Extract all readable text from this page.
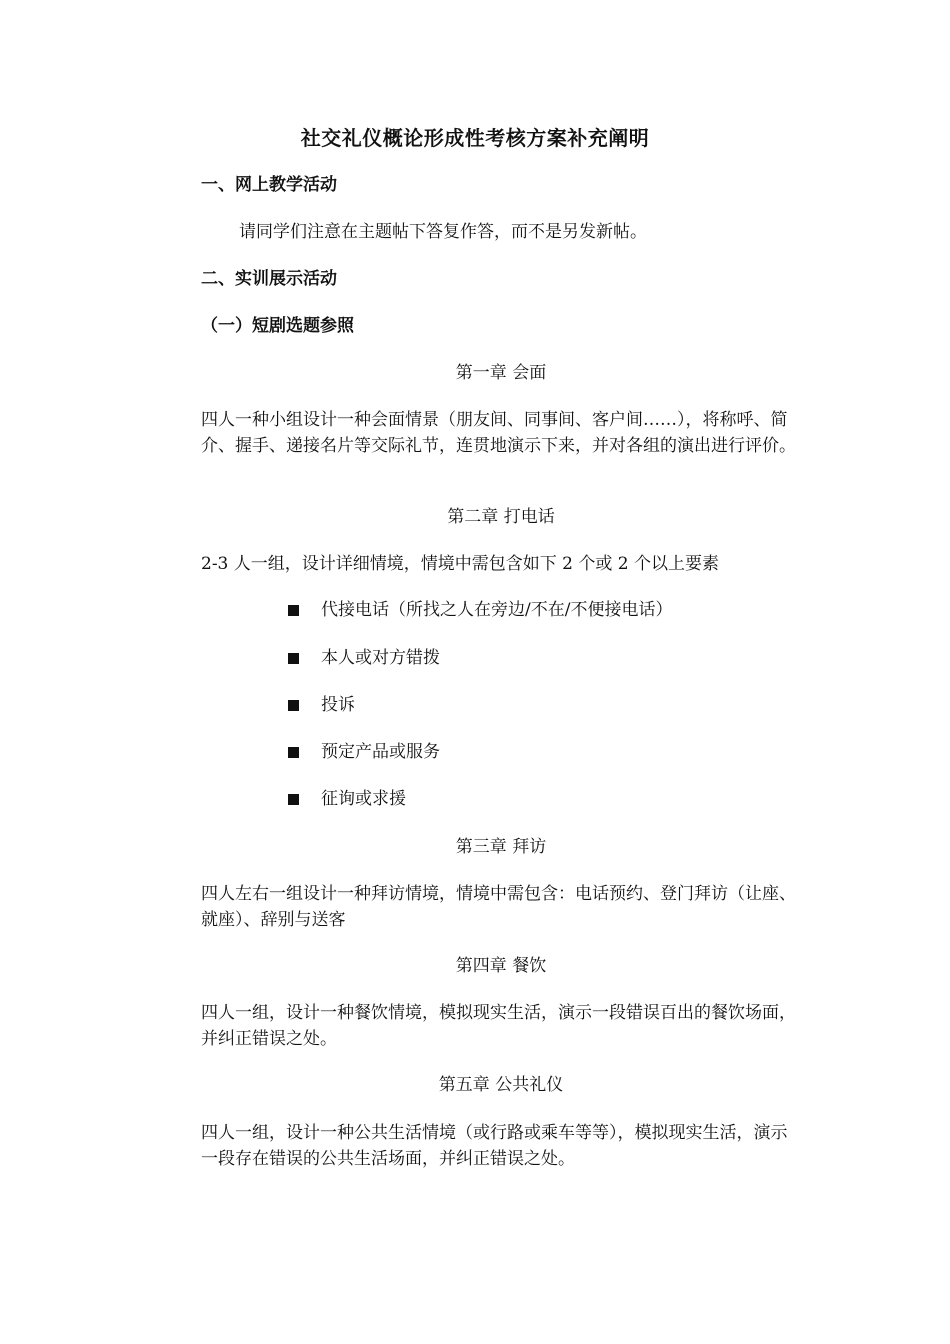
社交礼仪概论形成性考核方案补充阐明
一、网上教学活动
请同学们注意在主题帖下答复作答，而不是另发新帖。
二、实训展示活动
（一）短剧选题参照
第一章 会面
四人一种小组设计一种会面情景（朋友间、同事间、客户间……），将称呼、简介、握手、递接名片等交际礼节，连贯地演示下来，并对各组的演出进行评价。
第二章 打电话
2-3 人一组，设计详细情境，情境中需包含如下 2 个或 2 个以上要素
代接电话（所找之人在旁边/不在/不便接电话）
本人或对方错拨
投诉
预定产品或服务
征询或求援
第三章 拜访
四人左右一组设计一种拜访情境，情境中需包含：电话预约、登门拜访（让座、就座）、辞别与送客
第四章 餐饮
四人一组，设计一种餐饮情境，模拟现实生活，演示一段错误百出的餐饮场面，并纠正错误之处。
第五章 公共礼仪
四人一组，设计一种公共生活情境（或行路或乘车等等），模拟现实生活，演示一段存在错误的公共生活场面，并纠正错误之处。
